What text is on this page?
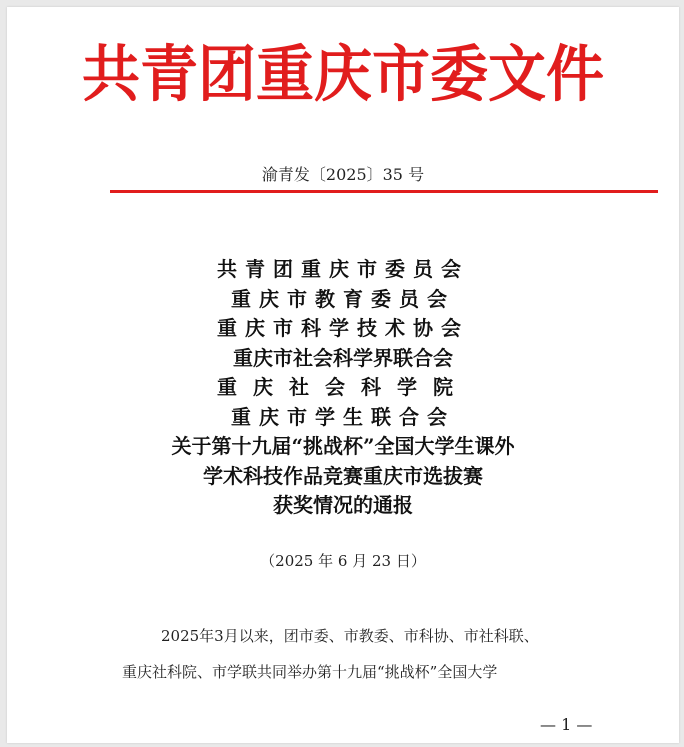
共青团重庆市委文件
渝青发〔2025〕35 号
共青团重庆市委员会
重庆市教育委员会
重庆市科学技术协会
重庆市社会科学界联合会
重庆社会科学院
重庆市学生联合会
关于第十九届“挑战杯”全国大学生课外
学术科技作品竞赛重庆市选拔赛
获奖情况的通报
（2025 年 6 月 23 日）
2025年3月以来，团市委、市教委、市科协、市社科联、
重庆社科院、市学联共同举办第十九届“挑战杯”全国大学
— 1 —
